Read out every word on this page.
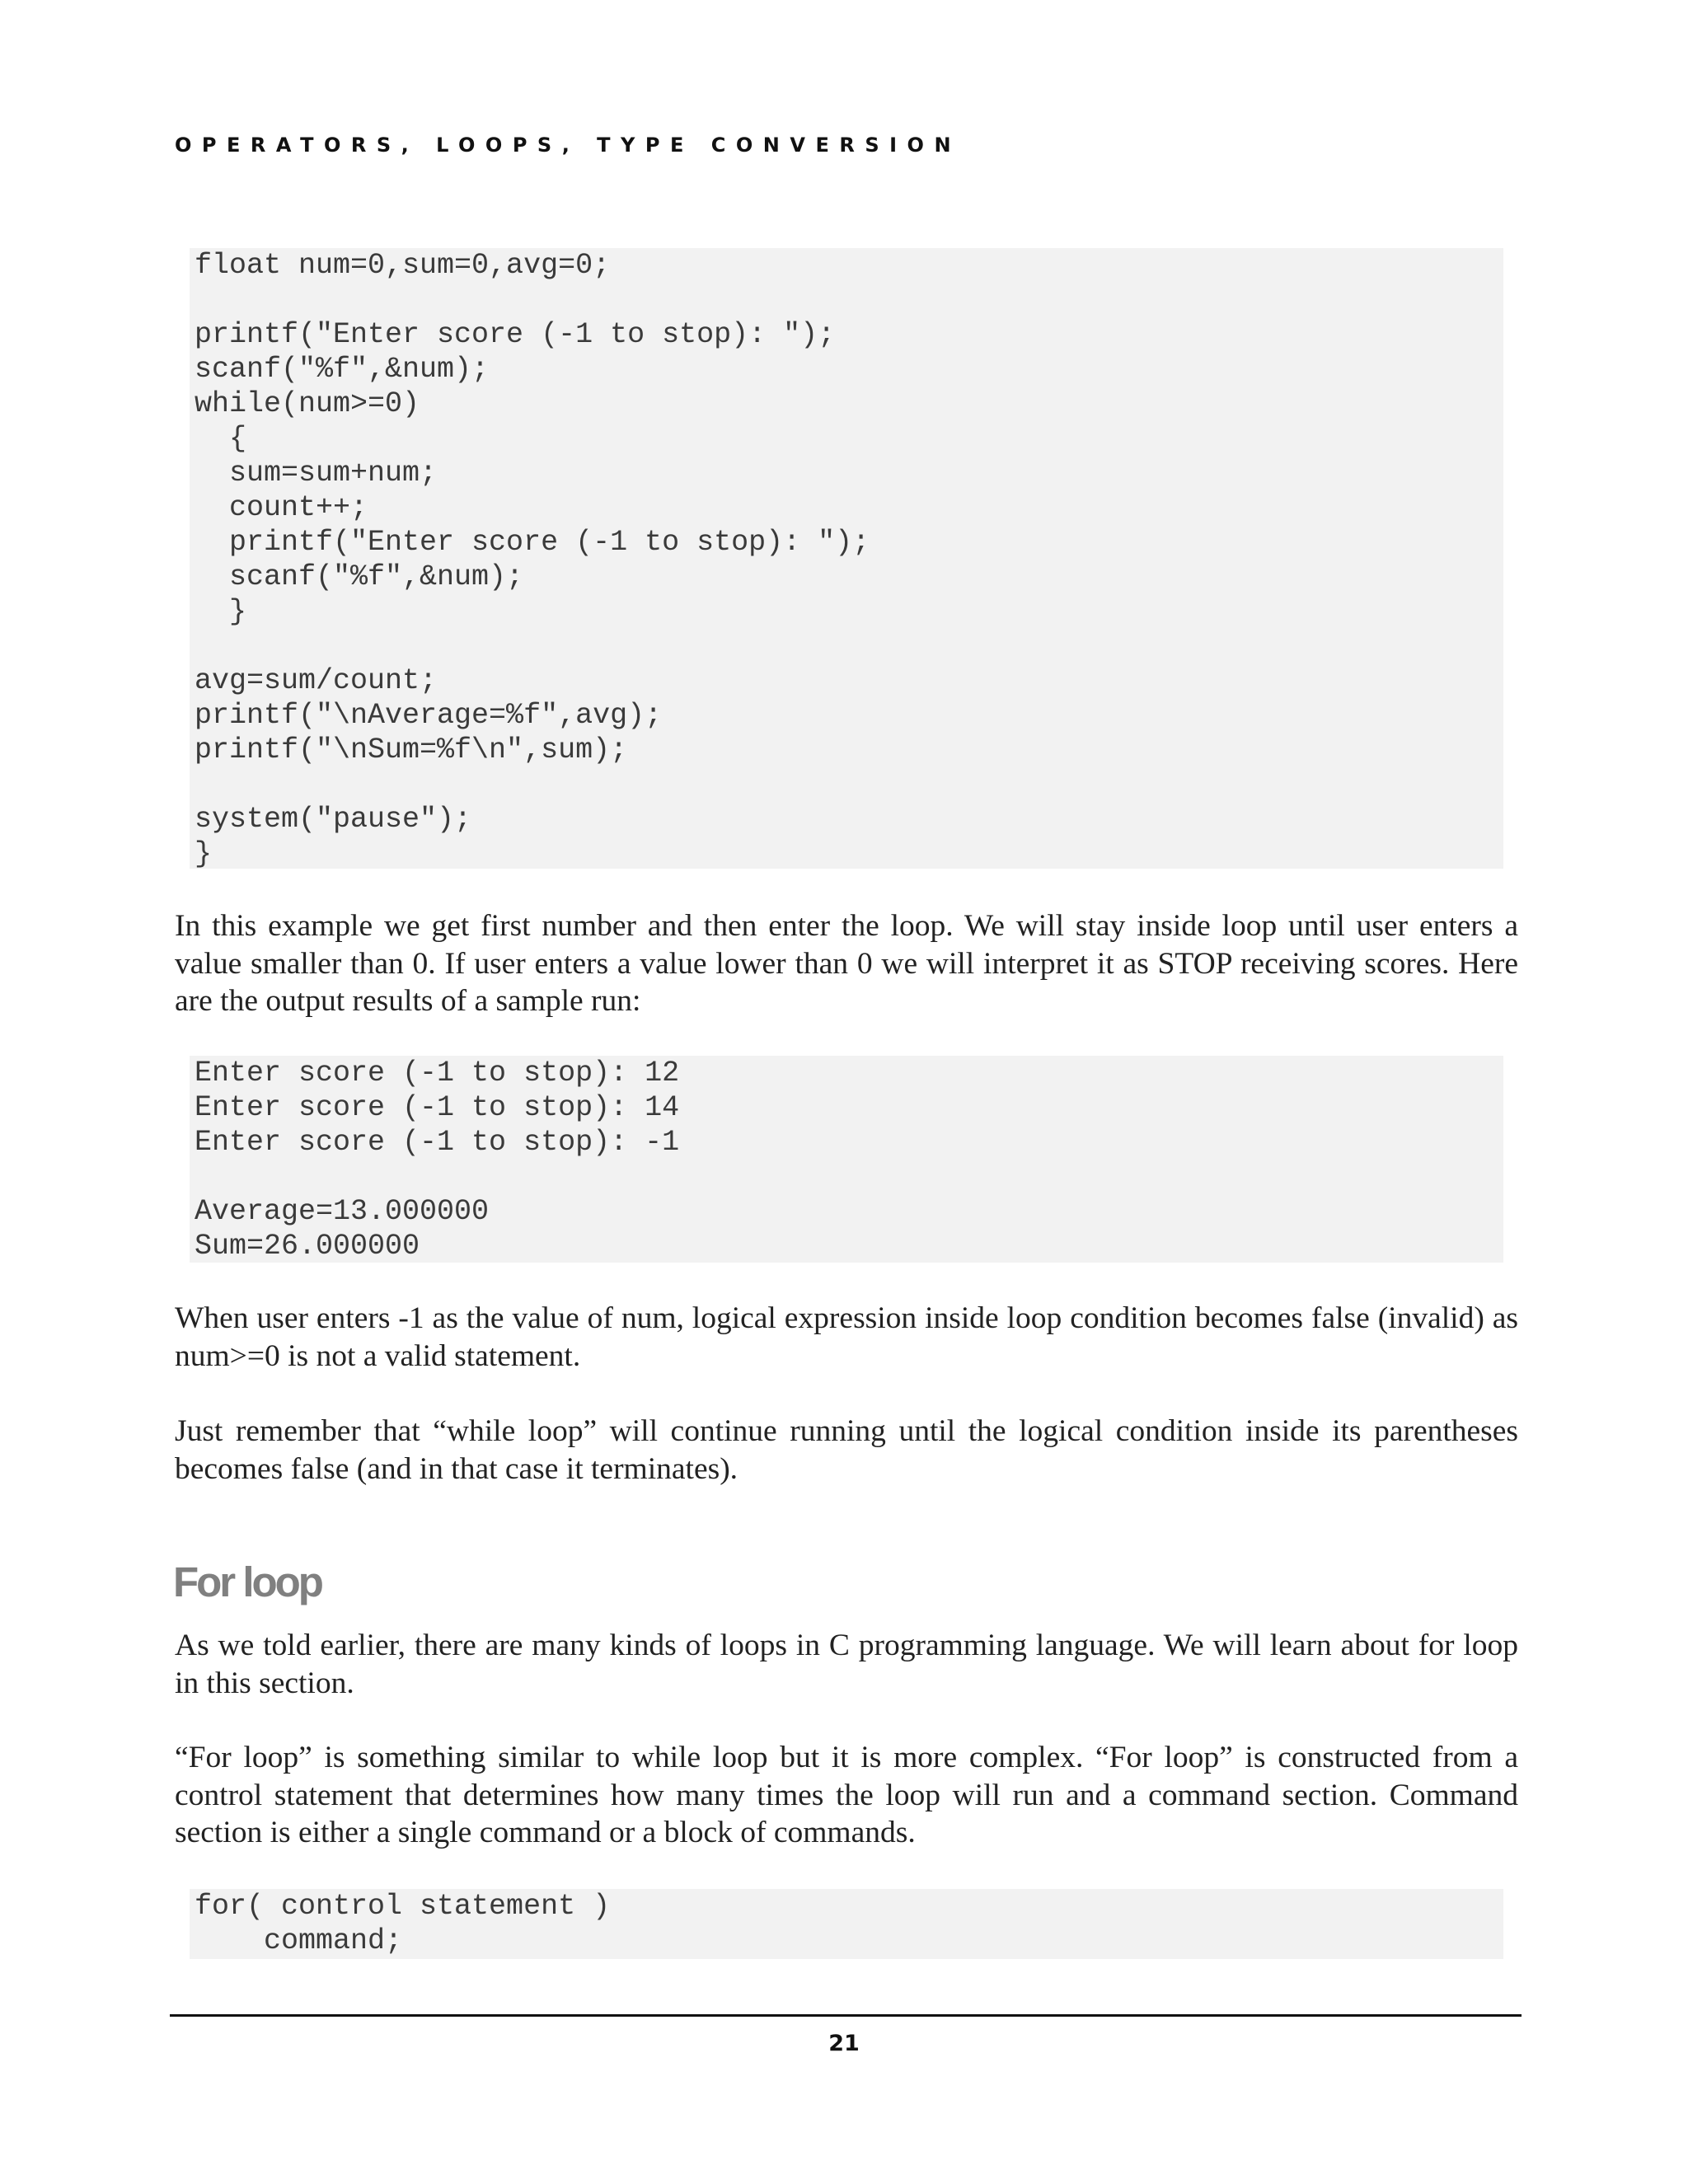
OPERATORS, LOOPS, TYPE CONVERSION
float num=0,sum=0,avg=0;

printf("Enter score (-1 to stop): ");
scanf("%f",&num);
while(num>=0)
{
sum=sum+num;
count++;
printf("Enter score (-1 to stop): ");
scanf("%f",&num);
}

avg=sum/count;
printf("\nAverage=%f",avg);
printf("\nSum=%f\n",sum);

system("pause");
}

In this example we get first number and then enter the loop. We will stay inside loop until user enters a value smaller than 0. If user enters a value lower than 0 we will interpret it as STOP receiving scores. Here are the output results of a sample run:

Enter score (-1 to stop): 12
Enter score (-1 to stop): 14
Enter score (-1 to stop): -1

Average=13.000000
Sum=26.000000

When user enters -1 as the value of num, logical expression inside loop condition becomes false (invalid) as num>=0 is not a valid statement.

Just remember that “while loop” will continue running until the logical condition inside its parentheses becomes false (and in that case it terminates).

For loop

As we told earlier, there are many kinds of loops in C programming language. We will learn about for loop in this section.

“For loop” is something similar to while loop but it is more complex. “For loop” is constructed from a control statement that determines how many times the loop will run and a command section. Command section is either a single command or a block of commands.

for( control statement )
command;
21
